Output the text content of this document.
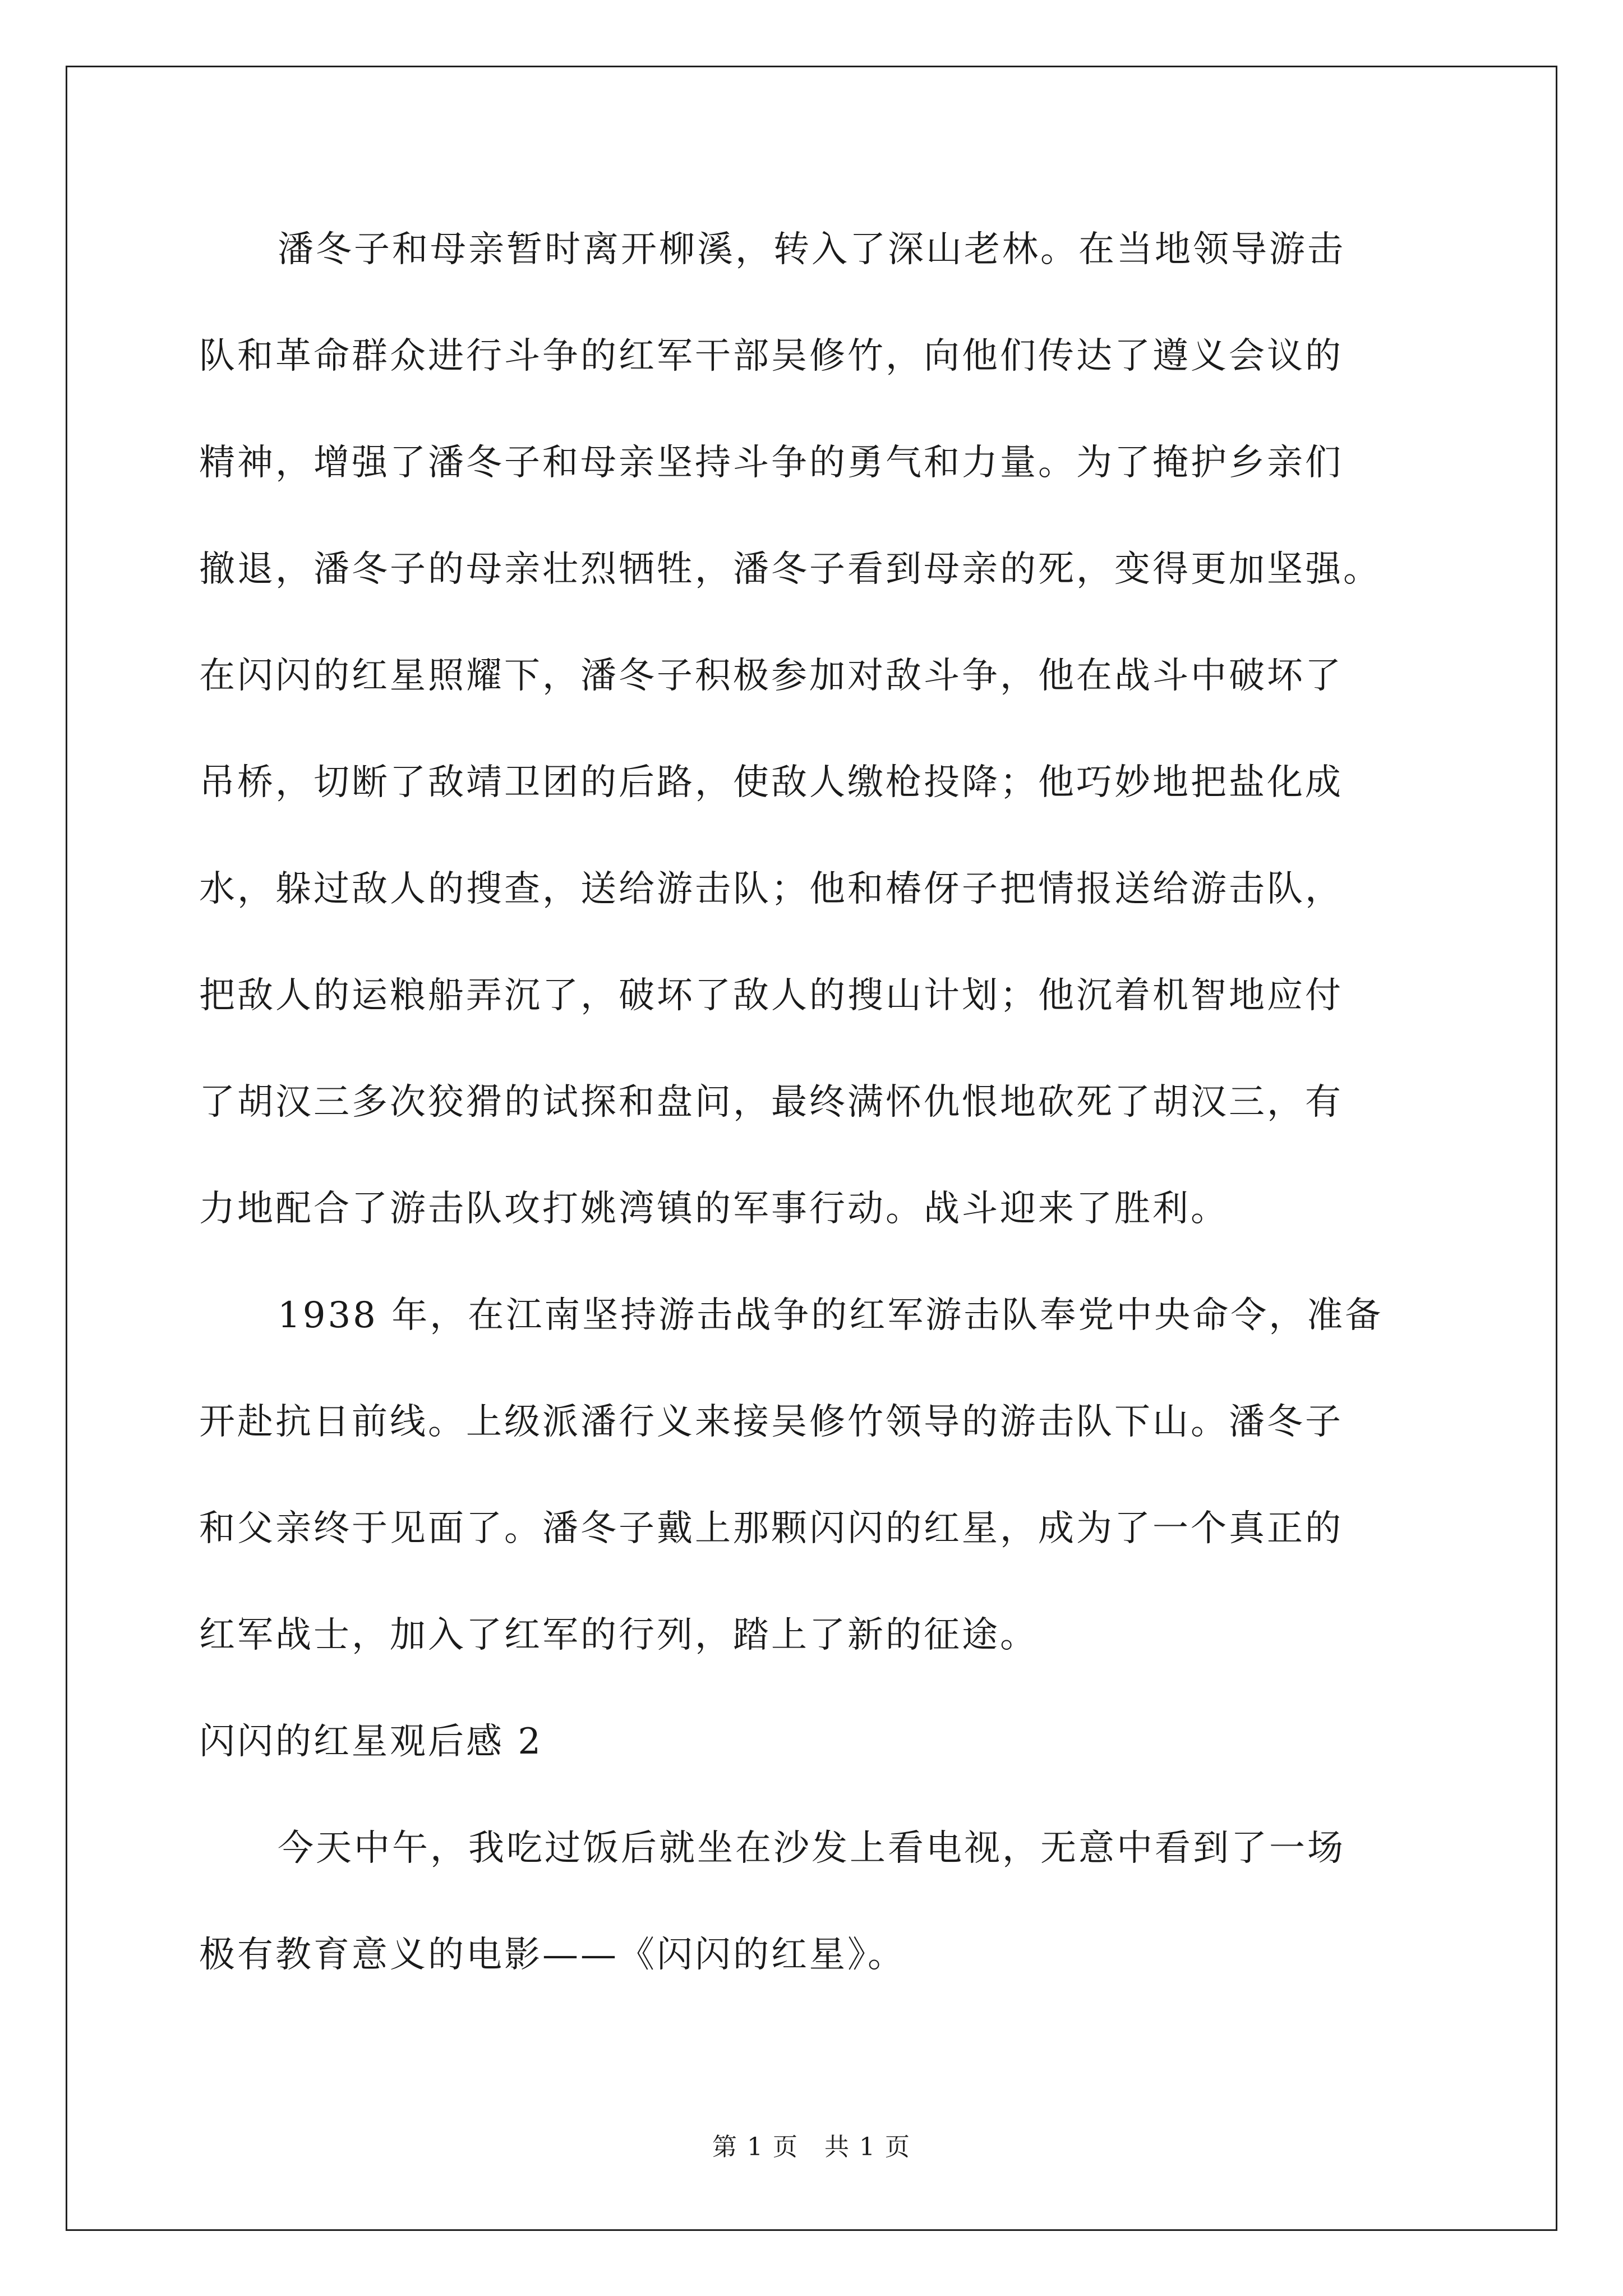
潘冬子和母亲暂时离开柳溪，转入了深山老林。在当地领导游击
队和革命群众进行斗争的红军干部吴修竹，向他们传达了遵义会议的
精神，增强了潘冬子和母亲坚持斗争的勇气和力量。为了掩护乡亲们
撤退，潘冬子的母亲壮烈牺牲，潘冬子看到母亲的死，变得更加坚强。
在闪闪的红星照耀下，潘冬子积极参加对敌斗争，他在战斗中破坏了
吊桥，切断了敌靖卫团的后路，使敌人缴枪投降；他巧妙地把盐化成
水，躲过敌人的搜查，送给游击队；他和椿伢子把情报送给游击队，
把敌人的运粮船弄沉了，破坏了敌人的搜山计划；他沉着机智地应付
了胡汉三多次狡猾的试探和盘问，最终满怀仇恨地砍死了胡汉三，有
力地配合了游击队攻打姚湾镇的军事行动。战斗迎来了胜利。
1938 年，在江南坚持游击战争的红军游击队奉党中央命令，准备
开赴抗日前线。上级派潘行义来接吴修竹领导的游击队下山。潘冬子
和父亲终于见面了。潘冬子戴上那颗闪闪的红星，成为了一个真正的
红军战士，加入了红军的行列，踏上了新的征途。
闪闪的红星观后感 2
今天中午，我吃过饭后就坐在沙发上看电视，无意中看到了一场
极有教育意义的电影——《闪闪的红星》。
第 1 页　共 1 页
